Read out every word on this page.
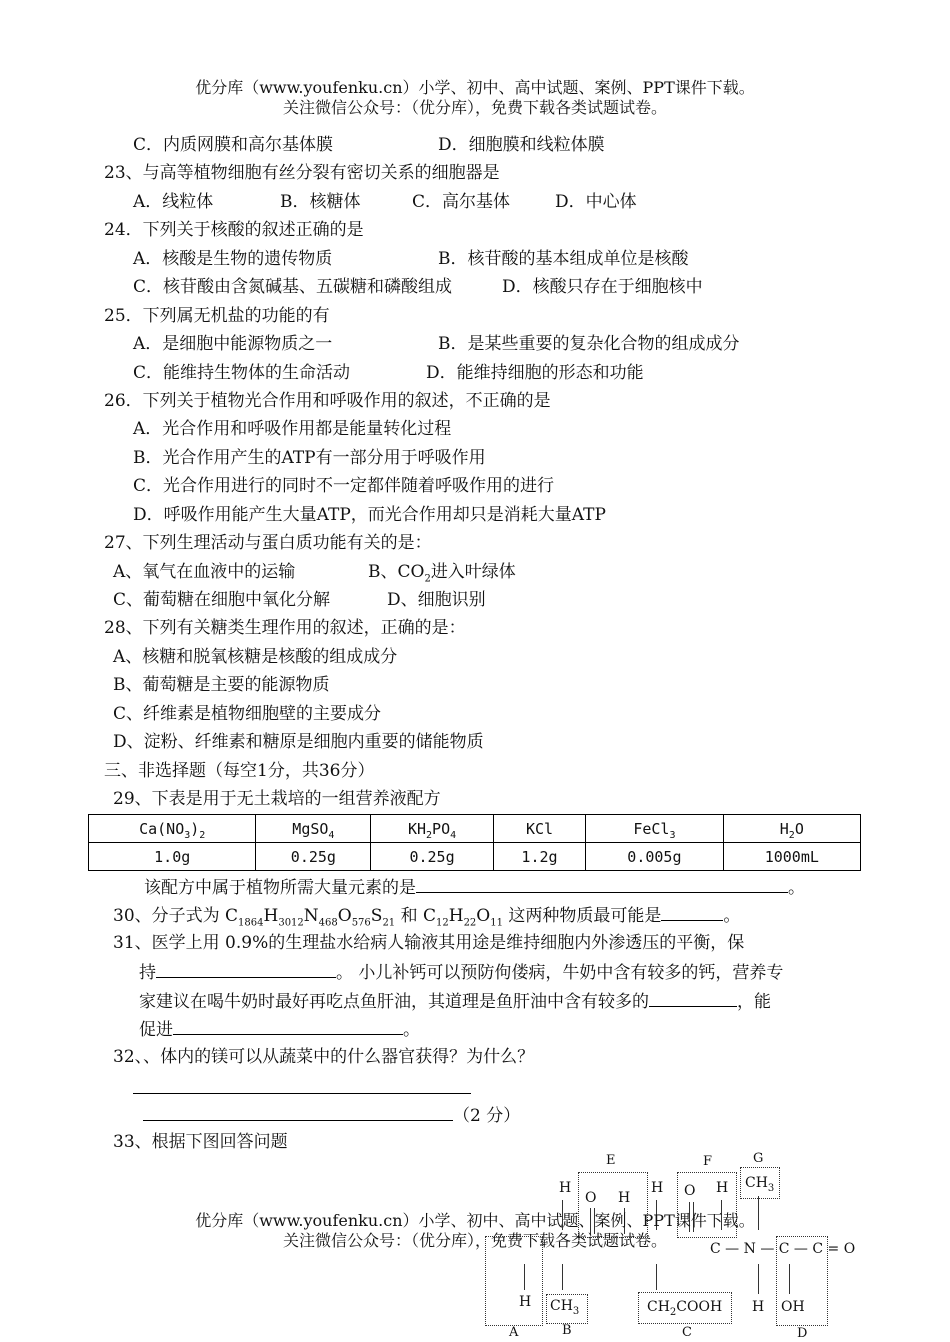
优分库（www.youfenku.cn）小学、初中、高中试题、案例、PPT课件下载。
关注微信公众号：（优分库），免费下载各类试题试卷。
C．内质网膜和高尔基体膜	D．细胞膜和线粒体膜
23、与高等植物细胞有丝分裂有密切关系的细胞器是
A．线粒体	B．核糖体	C．高尔基体	D．中心体
24．下列关于核酸的叙述正确的是
A．核酸是生物的遗传物质	B．核苷酸的基本组成单位是核酸
C．核苷酸由含氮碱基、五碳糖和磷酸组成	D．核酸只存在于细胞核中
25．下列属无机盐的功能的有
A．是细胞中能源物质之一	B．是某些重要的复杂化合物的组成成分
C．能维持生物体的生命活动	D．能维持细胞的形态和功能
26．下列关于植物光合作用和呼吸作用的叙述，不正确的是
A．光合作用和呼吸作用都是能量转化过程
B．光合作用产生的ATP有一部分用于呼吸作用
C．光合作用进行的同时不一定都伴随着呼吸作用的进行
D．呼吸作用能产生大量ATP，而光合作用却只是消耗大量ATP
27、下列生理活动与蛋白质功能有关的是：
A、氧气在血液中的运输	B、$CO_2$进入叶绿体
C、葡萄糖在细胞中氧化分解	D、细胞识别
28、下列有关糖类生理作用的叙述，正确的是：
A、核糖和脱氧核糖是核酸的组成成分
B、葡萄糖是主要的能源物质
C、纤维素是植物细胞壁的主要成分
D、淀粉、纤维素和糖原是细胞内重要的储能物质
三、非选择题（每空1分，共36分）
29、下表是用于无土栽培的一组营养液配方
$Ca(NO_3)_2$	MgSO$_4$	$KH_2PO_4$	KCl	FeCl$_3$	$H_2O$
1.0g	0.25g	0.25g	1.2g	0.005g	1000mL
该配方中属于植物所需大量元素的是	。
30、分子式为 $C_{1864}H_{3012}N_{468}O_{576}S_{21}$ 和 $C_{12}H_{22}O_{11}$ 这两种物质最可能是	。
31、医学上用 0.9%的生理盐水给病人输液其用途是维持细胞内外渗透压的平衡，保
持	。 小儿补钙可以预防佝偻病，牛奶中含有较多的钙，营养专
家建议在喝牛奶时最好再吃点鱼肝油，其道理是鱼肝油中含有较多的	，能
促进	。
32、、体内的镁可以从蔬菜中的什么器官获得？为什么？
（2 分）
33、根据下图回答问题
E	F	G
H
O H
H O H $CH_3$
C — N — C — C = O
H $CH_3$	$CH_2COOH$ H OH
A	B	C	D
优分库（www.youfenku.cn）小学、初中、高中试题、案例、PPT课件下载。
关注微信公众号：（优分库），免费下载各类试题试卷。
